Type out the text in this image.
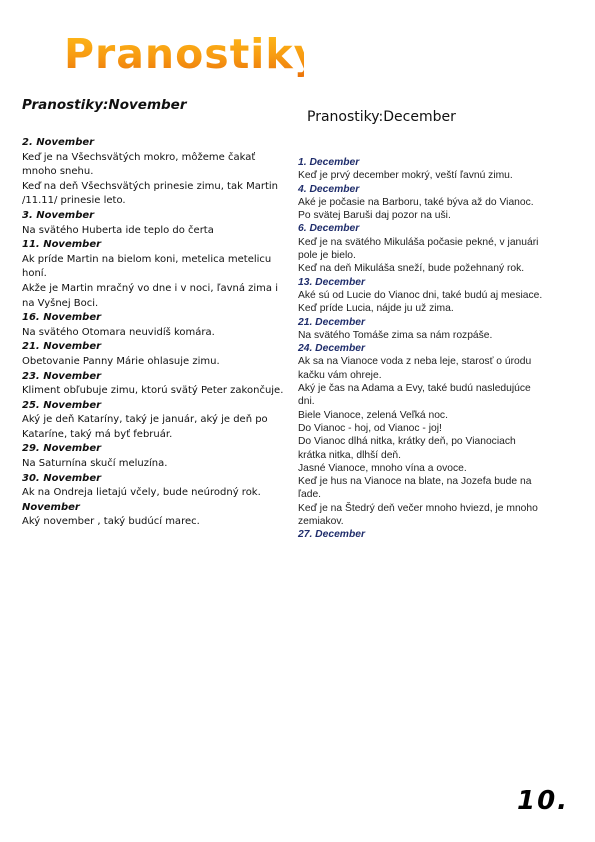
Pranostiky
Pranostiky:November
2. November
Keď je na Všechsvätých mokro, môžeme čakať
mnoho snehu.
Keď na deň Všechsvätých prinesie zimu, tak Martin
/11.11/ prinesie leto.
3. November
Na svätého Huberta ide teplo do čerta
11. November
Ak príde Martin na bielom koni, metelica metelicu
honí.
Akže je Martin mračný vo dne i v noci, ľavná zima i
na Vyšnej Boci.
16. November
Na svätého Otomara neuvidíš komára.
21. November
Obetovanie Panny Márie ohlasuje zimu.
23. November
Kliment obľubuje zimu, ktorú svätý Peter zakončuje.
25. November
Aký je deň Kataríny, taký je január, aký je deň po
Kataríne, taký má byť február.
29. November
Na Saturnína skučí meluzína.
30. November
Ak na Ondreja lietajú včely, bude neúrodný rok.
November
Aký november , taký budúcí marec.
Pranostiky:December
1. December
Keď je prvý december mokrý, veští ľavnú zimu.
4. December
Aké je počasie na Barboru, také býva až do Vianoc.
Po svätej Baruši daj pozor na uši.
6. December
Keď je na svätého Mikuláša počasie pekné, v januári
pole je bielo.
Keď na deň Mikuláša sneží, bude požehnaný rok.
13. December
Aké sú od Lucie do Vianoc dni, také budú aj mesiace.
Keď príde Lucia, nájde ju už zima.
21. December
Na svätého Tomáše zima sa nám rozpáše.
24. December
Ak sa na Vianoce voda z neba leje, starosť o úrodu
kačku vám ohreje.
Aký je čas na Adama a Evy, také budú nasledujúce
dni.
Biele Vianoce, zelená Veľká noc.
Do Vianoc - hoj, od Vianoc - joj!
Do Vianoc dlhá nitka, krátky deň, po Vianociach
krátka nitka, dlhší deň.
Jasné Vianoce, mnoho vína a ovoce.
Keď je hus na Vianoce na blate, na Jozefa bude na
ľade.
Keď je na Štedrý deň večer mnoho hviezd, je mnoho
zemiakov.
27. December
10.
